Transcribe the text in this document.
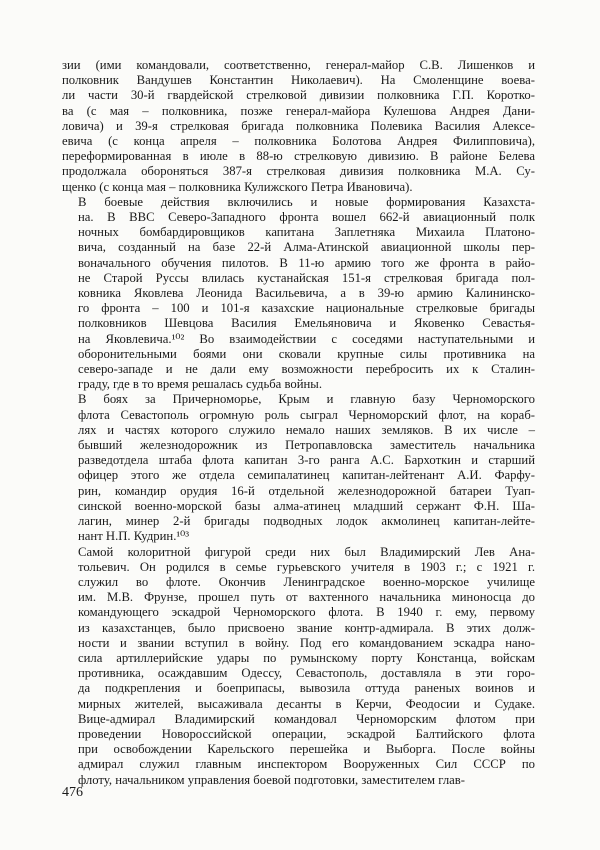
зии (ими командовали, соответственно, генерал-майор С.В. Лишенков и
полковник Вандушев Константин Николаевич). На Смоленщине воева-
ли части 30-й гвардейской стрелковой дивизии полковника Г.П. Коротко-
ва (с мая – полковника, позже генерал-майора Кулешова Андрея Дани-
ловича) и 39-я стрелковая бригада полковника Полевика Василия Алексе-
евича (с конца апреля – полковника Болотова Андрея Филипповича),
переформированная в июле в 88-ю стрелковую дивизию. В районе Белева
продолжала обороняться 387-я стрелковая дивизия полковника М.А. Су-
щенко (с конца мая – полковника Кулижского Петра Ивановича).
В боевые действия включились и новые формирования Казахста-
на. В ВВС Северо-Западного фронта вошел 662-й авиационный полк
ночных бомбардировщиков капитана Заплетняка Михаила Платоно-
вича, созданный на базе 22-й Алма-Атинской авиационной школы пер-
воначального обучения пилотов. В 11-ю армию того же фронта в райо-
не Старой Руссы влилась кустанайская 151-я стрелковая бригада пол-
ковника Яковлева Леонида Васильевича, а в 39-ю армию Калининско-
го фронта – 100 и 101-я казахские национальные стрелковые бригады
полковников Шевцова Василия Емельяновича и Яковенко Севастья-
на Яковлевича.¹⁰² Во взаимодействии с соседями наступательными и
оборонительными боями они сковали крупные силы противника на
северо-западе и не дали ему возможности перебросить их к Сталин-
граду, где в то время решалась судьба войны.
В боях за Причерноморье, Крым и главную базу Черноморского
флота Севастополь огромную роль сыграл Черноморский флот, на кораб-
лях и частях которого служило немало наших земляков. В их числе –
бывший железнодорожник из Петропавловска заместитель начальника
разведотдела штаба флота капитан 3-го ранга А.С. Бархоткин и старший
офицер этого же отдела семипалатинец капитан-лейтенант А.И. Фарфу-
рин, командир орудия 16-й отдельной железнодорожной батареи Туап-
синской военно-морской базы алма-атинец младший сержант Ф.Н. Ша-
лагин, минер 2-й бригады подводных лодок акмолинец капитан-лейте-
нант Н.П. Кудрин.¹⁰³
Самой колоритной фигурой среди них был Владимирский Лев Ана-
тольевич. Он родился в семье гурьевского учителя в 1903 г.; с 1921 г.
служил во флоте. Окончив Ленинградское военно-морское училище
им. М.В. Фрунзе, прошел путь от вахтенного начальника миноносца до
командующего эскадрой Черноморского флота. В 1940 г. ему, первому
из казахстанцев, было присвоено звание контр-адмирала. В этих долж-
ности и звании вступил в войну. Под его командованием эскадра нано-
сила артиллерийские удары по румынскому порту Констанца, войскам
противника, осаждавшим Одессу, Севастополь, доставляла в эти горо-
да подкрепления и боеприпасы, вывозила оттуда раненых воинов и
мирных жителей, высаживала десанты в Керчи, Феодосии и Судаке.
Вице-адмирал Владимирский командовал Черноморским флотом при
проведении Новороссийской операции, эскадрой Балтийского флота
при освобождении Карельского перешейка и Выборга. После войны
адмирал служил главным инспектором Вооруженных Сил СССР по
флоту, начальником управления боевой подготовки, заместителем глав-
476
